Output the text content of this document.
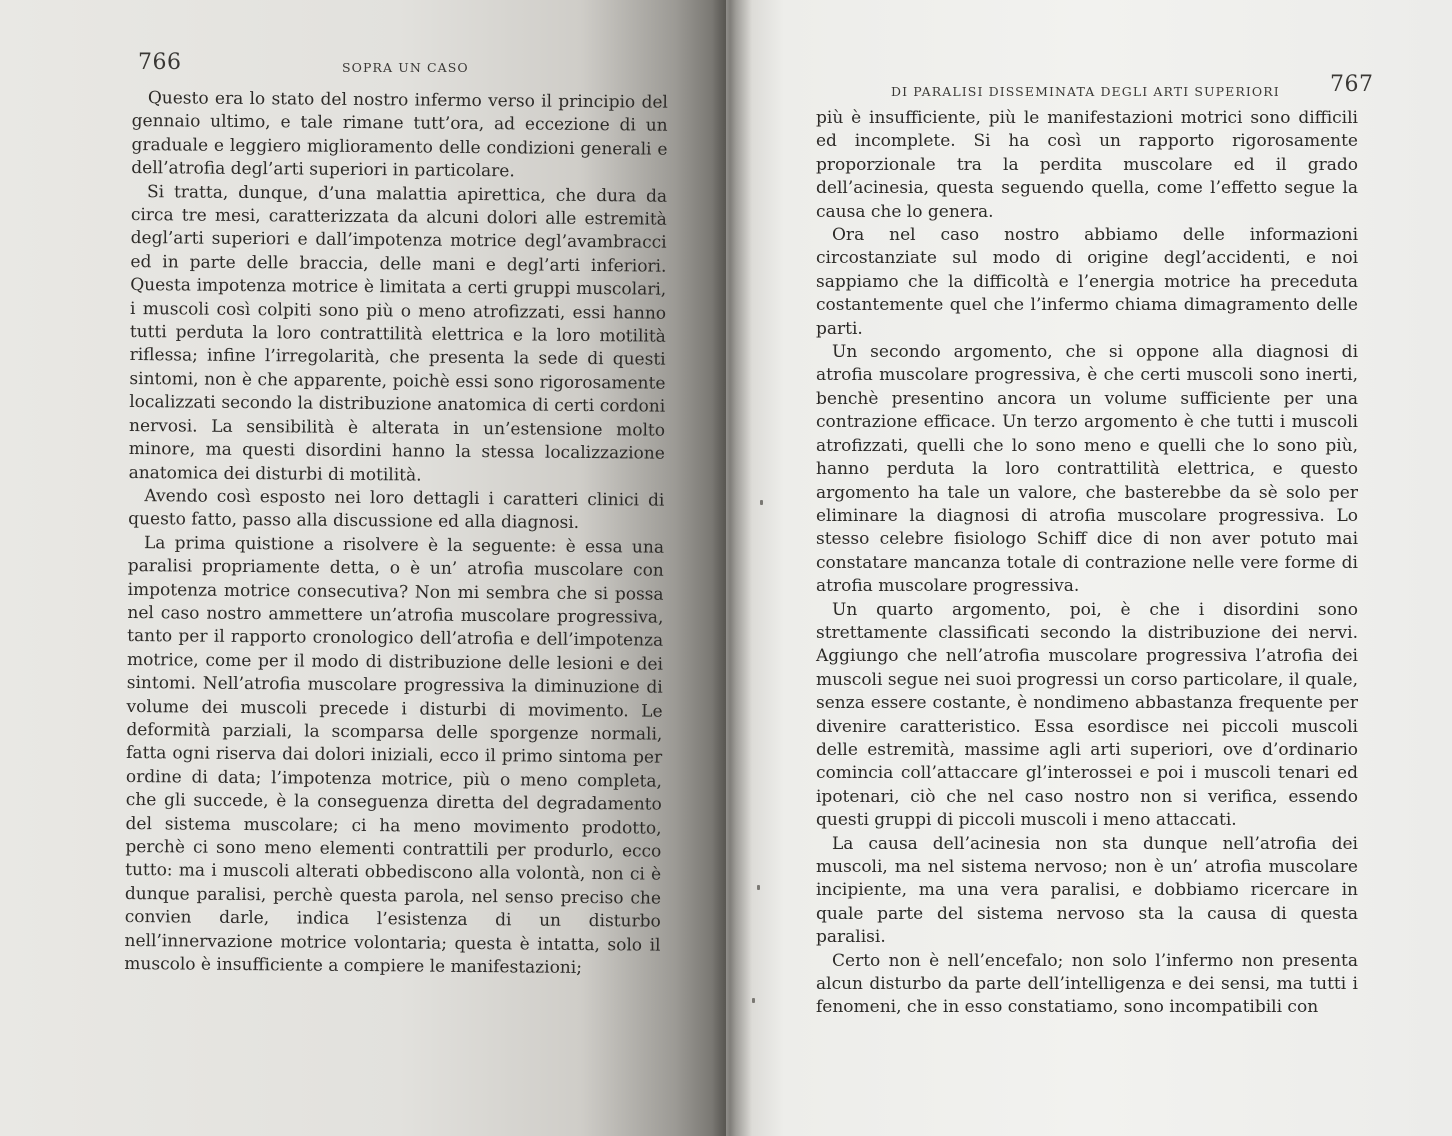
766	SOPRA UN CASO

Questo era lo stato del nostro infermo verso il principio del gennaio ultimo, e tale rimane tutt’ora, ad eccezione di un graduale e leggiero miglioramento delle condizioni generali e dell’atrofia degl’arti superiori in particolare.

Si tratta, dunque, d’una malattia apirettica, che dura da circa tre mesi, caratterizzata da alcuni dolori alle estremità degl’arti superiori e dall’impotenza motrice degl’avambracci ed in parte delle braccia, delle mani e degl’arti inferiori. Questa impotenza motrice è limitata a certi gruppi muscolari, i muscoli così colpiti sono più o meno atrofizzati, essi hanno tutti perduta la loro contrattilità elettrica e la loro motilità riflessa; infine l’irregolarità, che presenta la sede di questi sintomi, non è che apparente, poichè essi sono rigorosamente localizzati secondo la distribuzione anatomica di certi cordoni nervosi. La sensibilità è alterata in un’estensione molto minore, ma questi disordini hanno la stessa localizzazione anatomica dei disturbi di motilità.

Avendo così esposto nei loro dettagli i caratteri clinici di questo fatto, passo alla discussione ed alla diagnosi.

La prima quistione a risolvere è la seguente: è essa una paralisi propriamente detta, o è un’ atrofia muscolare con impotenza motrice consecutiva? Non mi sembra che si possa nel caso nostro ammettere un’atrofia muscolare progressiva, tanto per il rapporto cronologico dell’atrofia e dell’impotenza motrice, come per il modo di distribuzione delle lesioni e dei sintomi. Nell’atrofia muscolare progressiva la diminuzione di volume dei muscoli precede i disturbi di movimento. Le deformità parziali, la scomparsa delle sporgenze normali, fatta ogni riserva dai dolori iniziali, ecco il primo sintoma per ordine di data; l’impotenza motrice, più o meno completa, che gli succede, è la conseguenza diretta del degradamento del sistema muscolare; ci ha meno movimento prodotto, perchè ci sono meno elementi contrattili per produrlo, ecco tutto: ma i muscoli alterati obbediscono alla volontà, non ci è dunque paralisi, perchè questa parola, nel senso preciso che convien darle, indica l’esistenza di un disturbo nell’innervazione motrice volontaria; questa è intatta, solo il muscolo è insufficiente a compiere le manifestazioni;

DI PARALISI DISSEMINATA DEGLI ARTI SUPERIORI 767

più è insufficiente, più le manifestazioni motrici sono difficili ed incomplete. Si ha così un rapporto rigorosamente proporzionale tra la perdita muscolare ed il grado dell’acinesia, questa seguendo quella, come l’effetto segue la causa che lo genera.

Ora nel caso nostro abbiamo delle informazioni circostanziate sul modo di origine degl’accidenti, e noi sappiamo che la difficoltà e l’energia motrice ha preceduta costantemente quel che l’infermo chiama dimagramento delle parti.

Un secondo argomento, che si oppone alla diagnosi di atrofia muscolare progressiva, è che certi muscoli sono inerti, benchè presentino ancora un volume sufficiente per una contrazione efficace. Un terzo argomento è che tutti i muscoli atrofizzati, quelli che lo sono meno e quelli che lo sono più, hanno perduta la loro contrattilità elettrica, e questo argomento ha tale un valore, che basterebbe da sè solo per eliminare la diagnosi di atrofia muscolare progressiva. Lo stesso celebre fisiologo Schiff dice di non aver potuto mai constatare mancanza totale di contrazione nelle vere forme di atrofia muscolare progressiva.

Un quarto argomento, poi, è che i disordini sono strettamente classificati secondo la distribuzione dei nervi. Aggiungo che nell’atrofia muscolare progressiva l’atrofia dei muscoli segue nei suoi progressi un corso particolare, il quale, senza essere costante, è nondimeno abbastanza frequente per divenire caratteristico. Essa esordisce nei piccoli muscoli delle estremità, massime agli arti superiori, ove d’ordinario comincia coll’attaccare gl’interossei e poi i muscoli tenari ed ipotenari, ciò che nel caso nostro non si verifica, essendo questi gruppi di piccoli muscoli i meno attaccati.

La causa dell’acinesia non sta dunque nell’atrofia dei muscoli, ma nel sistema nervoso; non è un’ atrofia muscolare incipiente, ma una vera paralisi, e dobbiamo ricercare in quale parte del sistema nervoso sta la causa di questa paralisi.

Certo non è nell’encefalo; non solo l’infermo non presenta alcun disturbo da parte dell’intelligenza e dei sensi, ma tutti i fenomeni, che in esso constatiamo, sono incompatibili con
